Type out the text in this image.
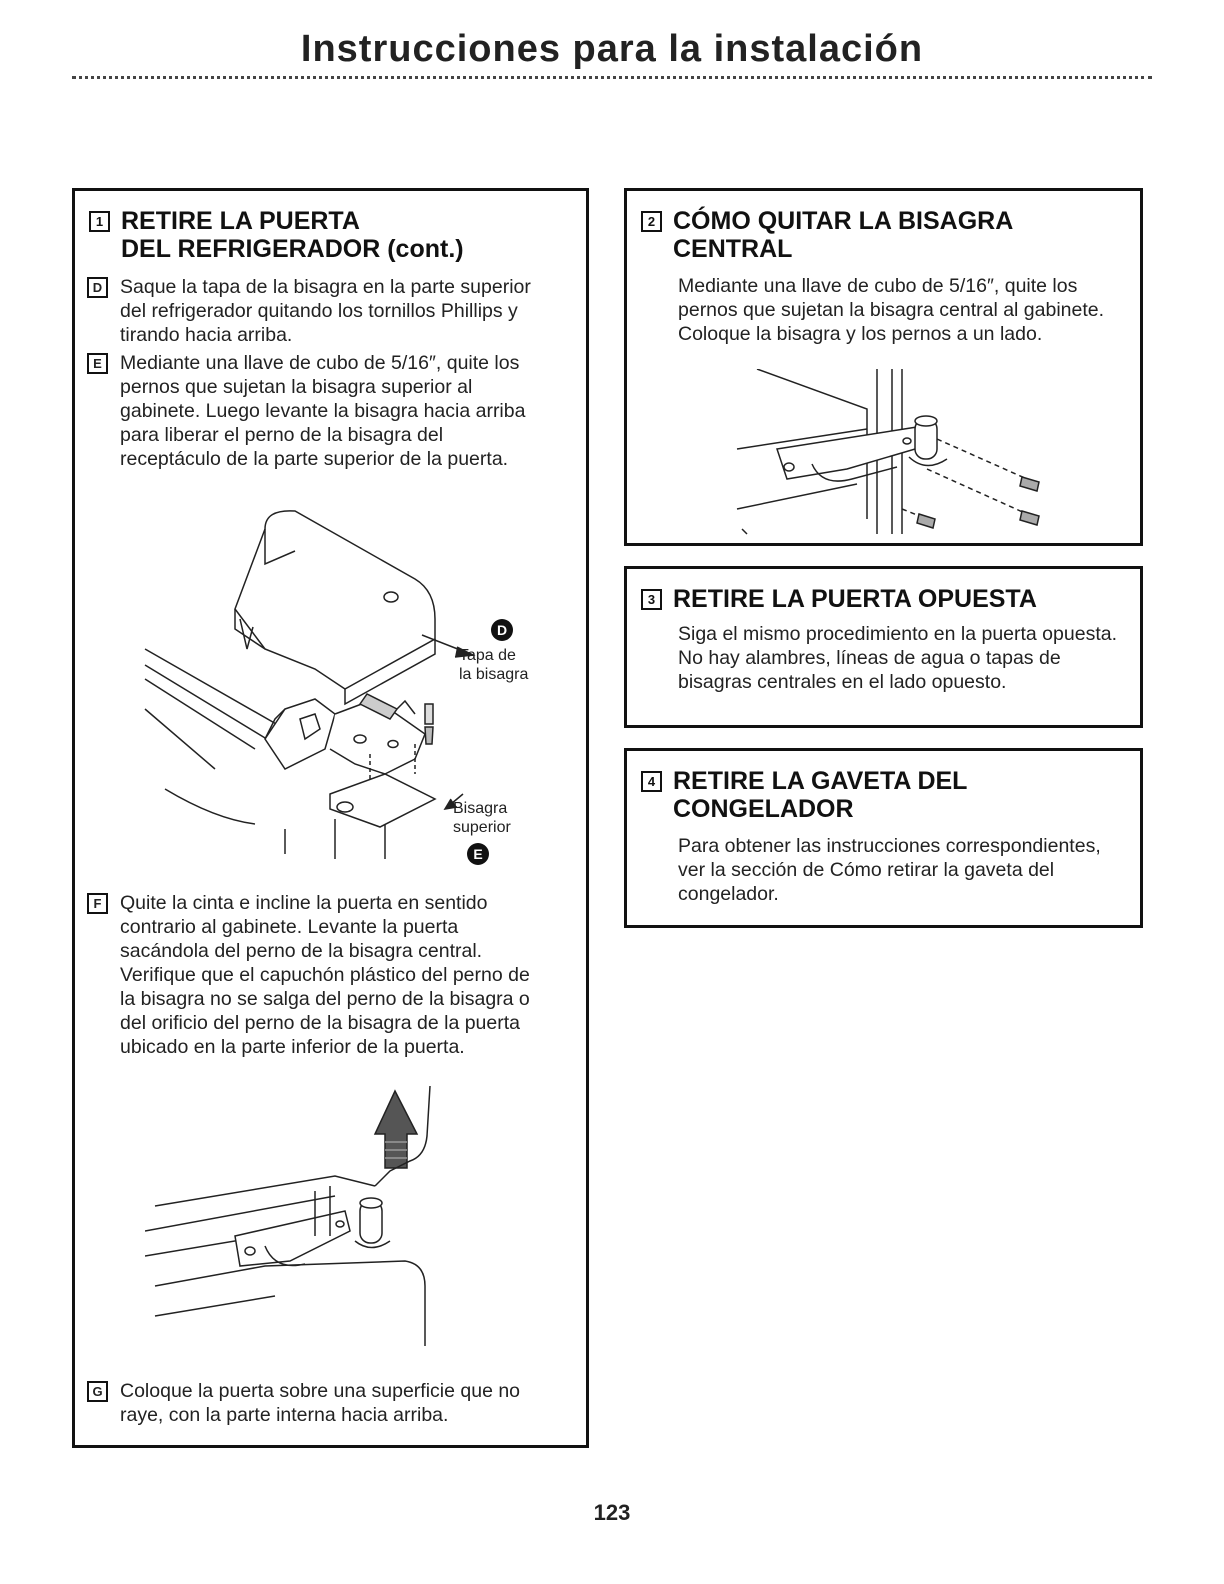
Instrucciones para la instalación
1 RETIRE LA PUERTA
DEL REFRIGERADOR (cont.)
D Saque la tapa de la bisagra en la parte superior del refrigerador quitando los tornillos Phillips y tirando hacia arriba.
E Mediante una llave de cubo de 5/16″, quite los pernos que sujetan la bisagra superior al gabinete. Luego levante la bisagra hacia arriba para liberar el perno de la bisagra del receptáculo de la parte superior de la puerta.
D
Tapa de
la bisagra
Bisagra
superior
E
F Quite la cinta e incline la puerta en sentido contrario al gabinete. Levante la puerta sacándola del perno de la bisagra central. Verifique que el capuchón plástico del perno de la bisagra no se salga del perno de la bisagra o del orificio del perno de la bisagra de la puerta ubicado en la parte inferior de la puerta.
G Coloque la puerta sobre una superficie que no raye, con la parte interna hacia arriba.
2 CÓMO QUITAR LA BISAGRA
CENTRAL
Mediante una llave de cubo de 5/16″, quite los pernos que sujetan la bisagra central al gabinete. Coloque la bisagra y los pernos a un lado.
3 RETIRE LA PUERTA OPUESTA
Siga el mismo procedimiento en la puerta opuesta. No hay alambres, líneas de agua o tapas de bisagras centrales en el lado opuesto.
4 RETIRE LA GAVETA DEL
CONGELADOR
Para obtener las instrucciones correspondientes, ver la sección de Cómo retirar la gaveta del congelador.
123
